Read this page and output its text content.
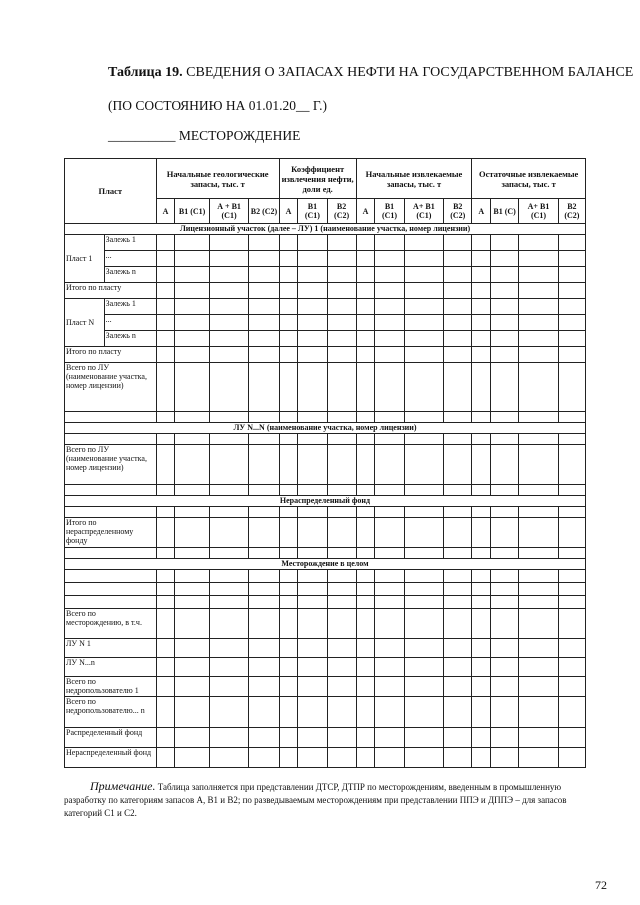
Таблица 19. СВЕДЕНИЯ О ЗАПАСАХ НЕФТИ НА ГОСУДАРСТВЕННОМ БАЛАНСЕ
(ПО СОСТОЯНИЮ НА 01.01.20__ Г.)
__________ МЕСТОРОЖДЕНИЕ
Пласт		Начальные геологические запасы, тыс. т				Коэффициент извлечения нефти, доли ед.			Начальные извлекаемые запасы, тыс. т				Остаточные извлекаемые запасы, тыс. т			
		А	В1 (С1)	А + В1 (С1)	В2 (С2)	А	В1 (С1)	В2 (С2)	А	В1 (С1)	А+ В1 (С1)	В2 (С2)	А	В1 (С)	А+ В1 (С1)	В2 (С2)
Лицензионный участок (далее – ЛУ) 1 (наименование участка, номер лицензии)																
Пласт 1	Залежь 1															
	...															
	Залежь n															
Итого по пласту																
Пласт N	Залежь 1															
	...															
	Залежь n															
Итого по пласту																
Всего по ЛУ (наименование участка, номер лицензии)																

ЛУ N...N (наименование участка, номер лицензии)																

Всего по ЛУ (наименование участка, номер лицензии)																

Нераспределенный фонд																

Итого по нераспределенному фонду																

Месторождение в целом																

Всего по месторождению, в т.ч.																
ЛУ N 1																
ЛУ N...n																
Всего по недропользователю 1																
Всего по недропользователю... n																
Распределенный фонд																
Нераспределенный фонд																
Примечание. Таблица заполняется при представлении ДТСР, ДТПР по месторождениям, введенным в промышленную разработку по категориям запасов А, В1 и В2; по разведываемым месторождениям при представлении ППЭ и ДППЭ – для запасов категорий С1 и С2.
72
